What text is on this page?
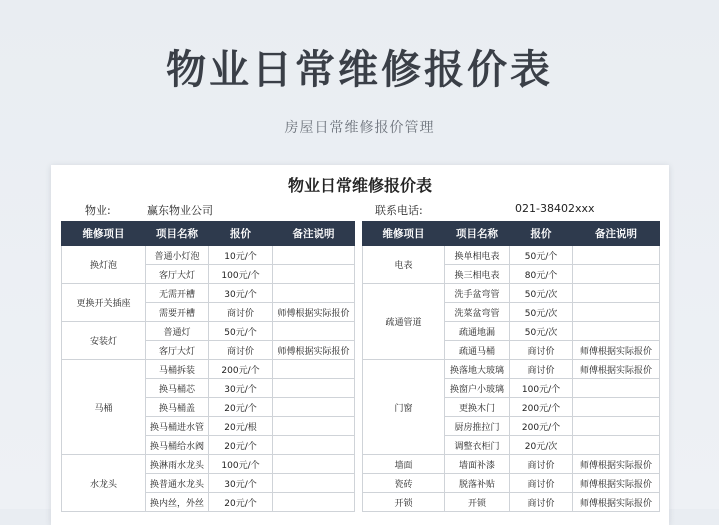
物业日常维修报价表
房屋日常维修报价管理
物业日常维修报价表
物业:	赢东物业公司	联系电话:	021-38402xxx
维修项目	项目名称	报价	备注说明
换灯泡	普通小灯泡	10元/个	
	客厅大灯	100元/个	
更换开关插座	无需开槽	30元/个	
	需要开槽	商讨价	师傅根据实际报价
安装灯	普通灯	50元/个	
	客厅大灯	商讨价	师傅根据实际报价
马桶	马桶拆装	200元/个	
	换马桶芯	30元/个	
	换马桶盖	20元/个	
	换马桶进水管	20元/根	
	换马桶给水阀	20元/个	
水龙头	换淋雨水龙头	100元/个	
	换普通水龙头	30元/个	
	换内丝，外丝	20元/个	
维修项目	项目名称	报价	备注说明
电表	换单相电表	50元/个	
	换三相电表	80元/个	
疏通管道	洗手盆弯管	50元/次	
	洗菜盆弯管	50元/次	
	疏通地漏	50元/次	
	疏通马桶	商讨价	师傅根据实际报价
门窗	换落地大玻璃	商讨价	师傅根据实际报价
	换窗户小玻璃	100元/个	
	更换木门	200元/个	
	厨房推拉门	200元/个	
	调整衣柜门	20元/次	
墙面	墙面补漆	商讨价	师傅根据实际报价
瓷砖	脱落补贴	商讨价	师傅根据实际报价
开锁	开锁	商讨价	师傅根据实际报价
